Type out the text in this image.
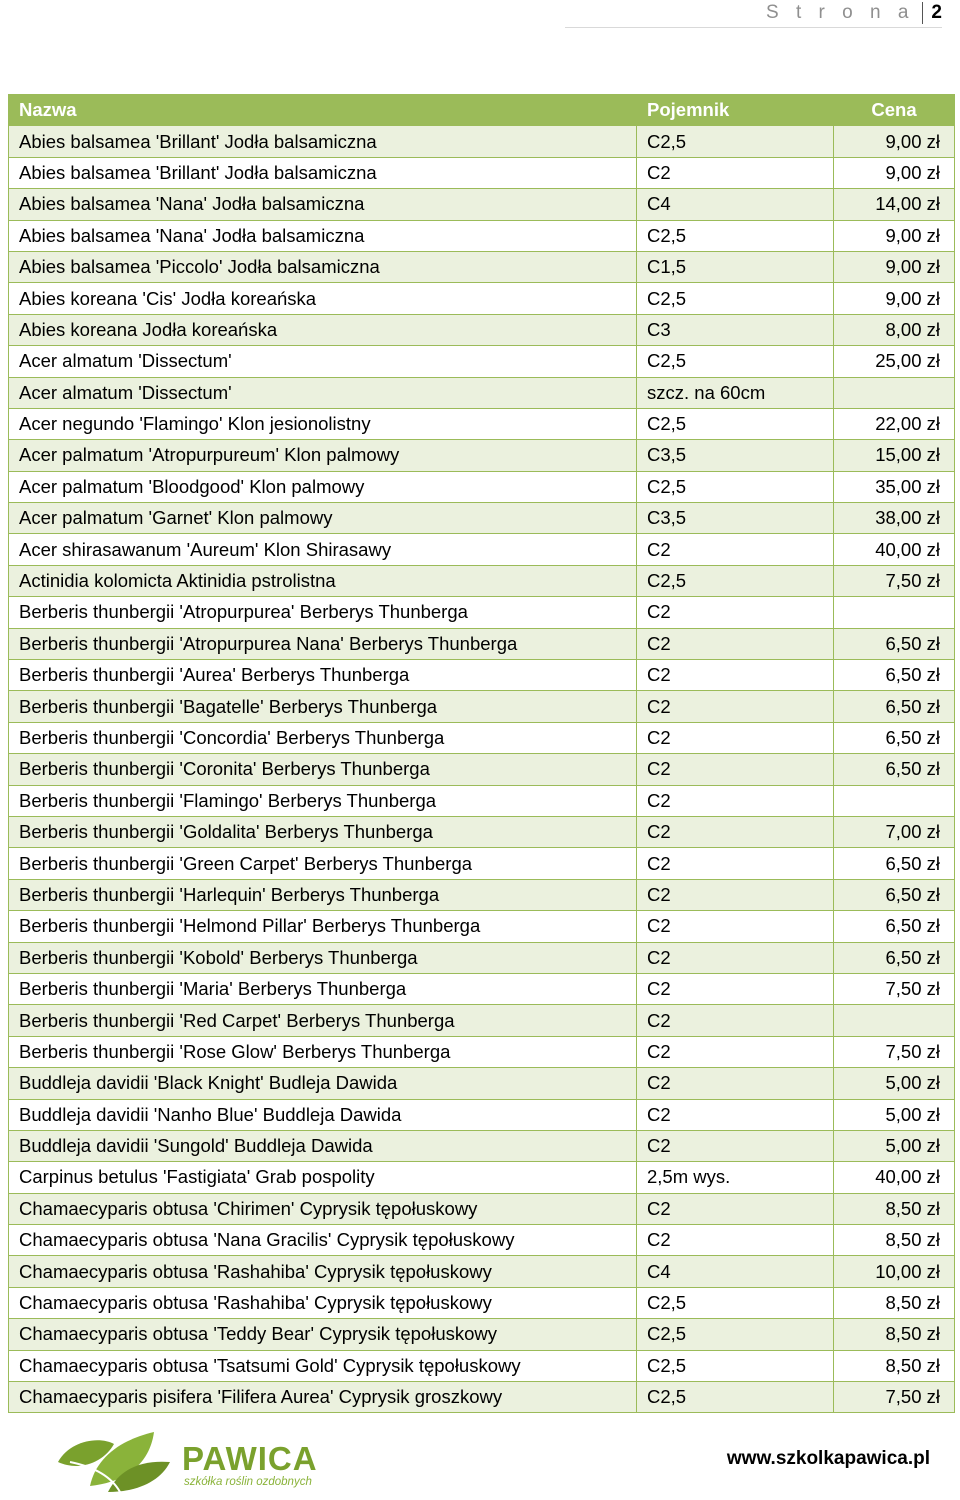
S t r o n a 2
Nazwa	Pojemnik	Cena
Abies balsamea 'Brillant' Jodła balsamiczna	C2,5	9,00 zł
Abies balsamea 'Brillant' Jodła balsamiczna	C2	9,00 zł
Abies balsamea 'Nana' Jodła balsamiczna	C4	14,00 zł
Abies balsamea 'Nana' Jodła balsamiczna	C2,5	9,00 zł
Abies balsamea 'Piccolo' Jodła balsamiczna	C1,5	9,00 zł
Abies koreana 'Cis' Jodła koreańska	C2,5	9,00 zł
Abies koreana Jodła koreańska	C3	8,00 zł
Acer almatum 'Dissectum'	C2,5	25,00 zł
Acer almatum 'Dissectum'	szcz. na 60cm	
Acer negundo 'Flamingo' Klon jesionolistny	C2,5	22,00 zł
Acer palmatum 'Atropurpureum' Klon palmowy	C3,5	15,00 zł
Acer palmatum 'Bloodgood' Klon palmowy	C2,5	35,00 zł
Acer palmatum 'Garnet' Klon palmowy	C3,5	38,00 zł
Acer shirasawanum 'Aureum' Klon Shirasawy	C2	40,00 zł
Actinidia kolomicta Aktinidia pstrolistna	C2,5	7,50 zł
Berberis thunbergii 'Atropurpurea' Berberys Thunberga	C2	
Berberis thunbergii 'Atropurpurea Nana' Berberys Thunberga	C2	6,50 zł
Berberis thunbergii 'Aurea' Berberys Thunberga	C2	6,50 zł
Berberis thunbergii 'Bagatelle' Berberys Thunberga	C2	6,50 zł
Berberis thunbergii 'Concordia' Berberys Thunberga	C2	6,50 zł
Berberis thunbergii 'Coronita' Berberys Thunberga	C2	6,50 zł
Berberis thunbergii 'Flamingo' Berberys Thunberga	C2	
Berberis thunbergii 'Goldalita' Berberys Thunberga	C2	7,00 zł
Berberis thunbergii 'Green Carpet' Berberys Thunberga	C2	6,50 zł
Berberis thunbergii 'Harlequin' Berberys Thunberga	C2	6,50 zł
Berberis thunbergii 'Helmond Pillar' Berberys Thunberga	C2	6,50 zł
Berberis thunbergii 'Kobold' Berberys Thunberga	C2	6,50 zł
Berberis thunbergii 'Maria' Berberys Thunberga	C2	7,50 zł
Berberis thunbergii 'Red Carpet' Berberys Thunberga	C2	
Berberis thunbergii 'Rose Glow' Berberys Thunberga	C2	7,50 zł
Buddleja davidii 'Black Knight' Budleja Dawida	C2	5,00 zł
Buddleja davidii 'Nanho Blue' Buddleja Dawida	C2	5,00 zł
Buddleja davidii 'Sungold' Buddleja Dawida	C2	5,00 zł
Carpinus betulus 'Fastigiata' Grab pospolity	2,5m wys.	40,00 zł
Chamaecyparis obtusa 'Chirimen' Cyprysik tępołuskowy	C2	8,50 zł
Chamaecyparis obtusa 'Nana Gracilis' Cyprysik tępołuskowy	C2	8,50 zł
Chamaecyparis obtusa 'Rashahiba' Cyprysik tępołuskowy	C4	10,00 zł
Chamaecyparis obtusa 'Rashahiba' Cyprysik tępołuskowy	C2,5	8,50 zł
Chamaecyparis obtusa 'Teddy Bear' Cyprysik tępołuskowy	C2,5	8,50 zł
Chamaecyparis obtusa 'Tsatsumi Gold' Cyprysik tępołuskowy	C2,5	8,50 zł
Chamaecyparis pisifera 'Filifera Aurea' Cyprysik groszkowy	C2,5	7,50 zł
PAWICA
szkółka roślin ozdobnych
www.szkolkapawica.pl
